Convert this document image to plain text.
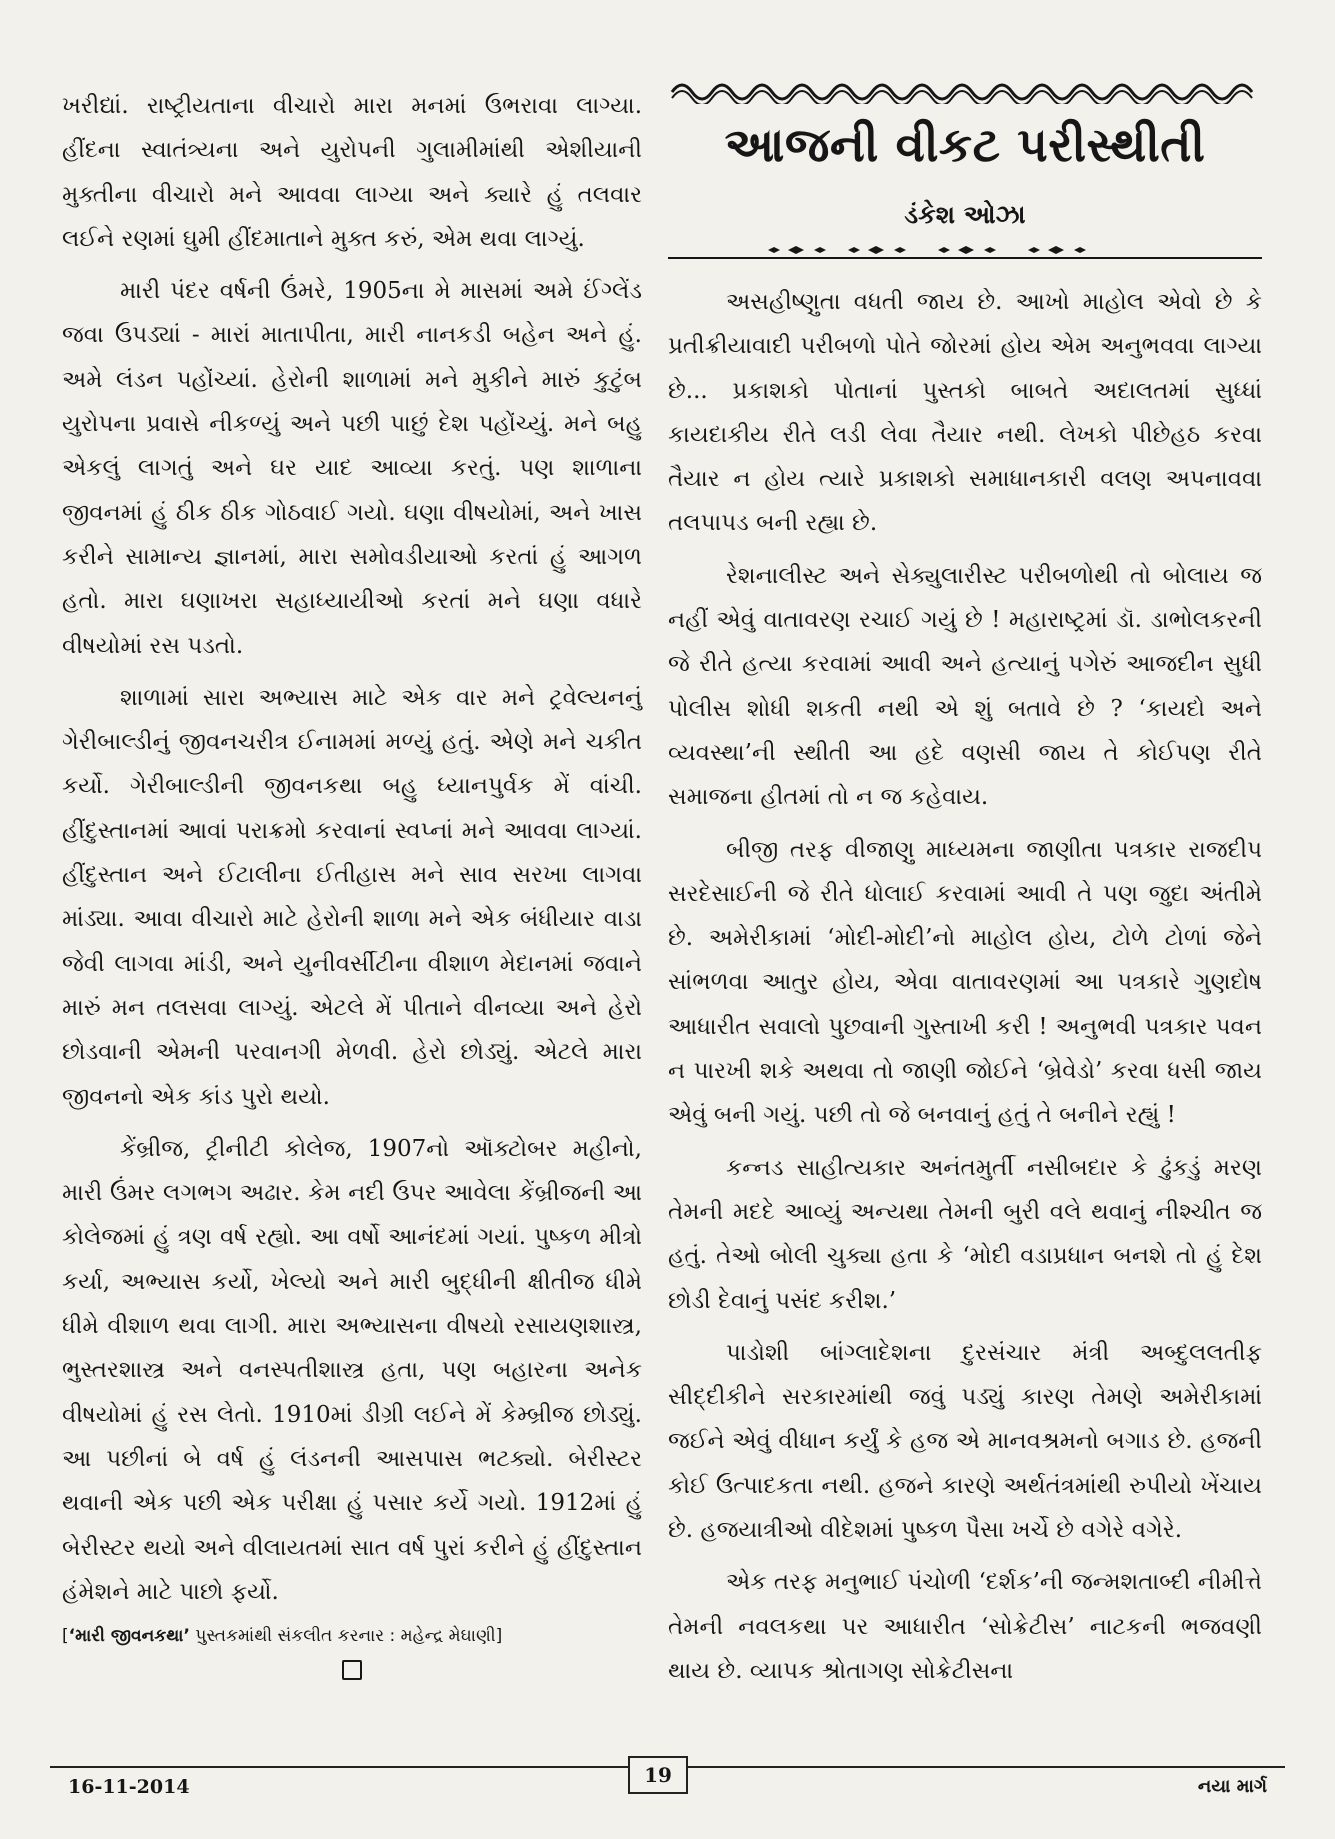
ખરીદ્યાં. રાષ્ટ્રીયતાના વીચારો મારા મનમાં ઉભરાવા લાગ્યા. હીંદના સ્વાતંત્ર્યના અને યુરોપની ગુલામીમાંથી એશીયાની મુક્તીના વીચારો મને આવવા લાગ્યા અને ક્યારે હું તલવાર લઈને રણમાં ઘુમી હીંદમાતાને મુક્ત કરું, એમ થવા લાગ્યું.

મારી પંદર વર્ષની ઉંમરે, 1905ના મે માસમાં અમે ઈંગ્લેંડ જવા ઉપડ્યાં - મારાં માતાપીતા, મારી નાનકડી બહેન અને હું. અમે લંડન પહોંચ્યાં. હેરોની શાળામાં મને મુકીને મારું કુટુંબ યુરોપના પ્રવાસે નીકળ્યું અને પછી પાછું દેશ પહોંચ્યું. મને બહુ એકલું લાગતું અને ઘર યાદ આવ્યા કરતું. પણ શાળાના જીવનમાં હું ઠીક ઠીક ગોઠવાઈ ગયો. ઘણા વીષયોમાં, અને ખાસ કરીને સામાન્ય જ્ઞાનમાં, મારા સમોવડીયાઓ કરતાં હું આગળ હતો. મારા ઘણાખરા સહાધ્યાયીઓ કરતાં મને ઘણા વધારે વીષયોમાં રસ પડતો.

શાળામાં સારા અભ્યાસ માટે એક વાર મને ટ્રવેલ્યનનું ગેરીબાલ્ડીનું જીવનચરીત્ર ઈનામમાં મળ્યું હતું. એણે મને ચકીત કર્યો. ગેરીબાલ્ડીની જીવનકથા બહુ ધ્યાનપુર્વક મેં વાંચી. હીંદુસ્તાનમાં આવાં પરાક્રમો કરવાનાં સ્વપ્નાં મને આવવા લાગ્યાં. હીંદુસ્તાન અને ઈટાલીના ઈતીહાસ મને સાવ સરખા લાગવા માંડ્યા. આવા વીચારો માટે હેરોની શાળા મને એક બંધીયાર વાડા જેવી લાગવા માંડી, અને યુનીવર્સીટીના વીશાળ મેદાનમાં જવાને મારું મન તલસવા લાગ્યું. એટલે મેં પીતાને વીનવ્યા અને હેરો છોડવાની એમની પરવાનગી મેળવી. હેરો છોડ્યું. એટલે મારા જીવનનો એક કાંડ પુરો થયો.

કેંબ્રીજ, ટ્રીનીટી કોલેજ, 1907નો ઑક્ટોબર મહીનો, મારી ઉંમર લગભગ અઢાર. કેમ નદી ઉપર આવેલા કેંબ્રીજની આ કોલેજમાં હું ત્રણ વર્ષ રહ્યો. આ વર્ષો આનંદમાં ગયાં. પુષ્કળ મીત્રો કર્યા, અભ્યાસ કર્યો, ખેલ્યો અને મારી બુદ્ધીની ક્ષીતીજ ધીમે ધીમે વીશાળ થવા લાગી. મારા અભ્યાસના વીષયો રસાયણશાસ્ત્ર, ભુસ્તરશાસ્ત્ર અને વનસ્પતીશાસ્ત્ર હતા, પણ બહારના અનેક વીષયોમાં હું રસ લેતો. 1910માં ડીગ્રી લઈને મેં કેમ્બ્રીજ છોડ્યું. આ પછીનાં બે વર્ષ હું લંડનની આસપાસ ભટક્યો. બેરીસ્ટર થવાની એક પછી એક પરીક્ષા હું પસાર કર્યે ગયો. 1912માં હું બેરીસ્ટર થયો અને વીલાયતમાં સાત વર્ષ પુરાં કરીને હું હીંદુસ્તાન હંમેશને માટે પાછો ફર્યો.

[‘મારી જીવનકથા’ પુસ્તકમાંથી સંકલીત કરનાર : મહેન્દ્ર મેઘાણી]
આજની વીકટ પરીસ્થીતી
ડંકેશ ઓઝા

અસહીષ્ણુતા વધતી જાય છે. આખો માહોલ એવો છે કે પ્રતીક્રીયાવાદી પરીબળો પોતે જોરમાં હોય એમ અનુભવવા લાગ્યા છે... પ્રકાશકો પોતાનાં પુસ્તકો બાબતે અદાલતમાં સુધ્ધાં કાયદાકીય રીતે લડી લેવા તૈયાર નથી. લેખકો પીછેહઠ કરવા તૈયાર ન હોય ત્યારે પ્રકાશકો સમાધાનકારી વલણ અપનાવવા તલપાપડ બની રહ્યા છે.

રેશનાલીસ્ટ અને સેક્યુલારીસ્ટ પરીબળોથી તો બોલાય જ નહીં એવું વાતાવરણ રચાઈ ગયું છે ! મહારાષ્ટ્રમાં ડૉ. ડાભોલકરની જે રીતે હત્યા કરવામાં આવી અને હત્યાનું પગેરું આજદીન સુધી પોલીસ શોધી શકતી નથી એ શું બતાવે છે ? ‘કાયદો અને વ્યવસ્થા’ની સ્થીતી આ હદે વણસી જાય તે કોઈપણ રીતે સમાજના હીતમાં તો ન જ કહેવાય.

બીજી તરફ વીજાણુ માધ્યમના જાણીતા પત્રકાર રાજદીપ સરદેસાઈની જે રીતે ધોલાઈ કરવામાં આવી તે પણ જુદા અંતીમે છે. અમેરીકામાં ‘મોદી-મોદી’નો માહોલ હોય, ટોળે ટોળાં જેને સાંભળવા આતુર હોય, એવા વાતાવરણમાં આ પત્રકારે ગુણદોષ આધારીત સવાલો પુછવાની ગુસ્તાખી કરી ! અનુભવી પત્રકાર પવન ન પારખી શકે અથવા તો જાણી જોઈને ‘બ્રેવેડો’ કરવા ધસી જાય એવું બની ગયું. પછી તો જે બનવાનું હતું તે બનીને રહ્યું !

કન્નડ સાહીત્યકાર અનંતમુર્તી નસીબદાર કે ઢુંકડું મરણ તેમની મદદે આવ્યું અન્યથા તેમની બુરી વલે થવાનું નીશ્ચીત જ હતું. તેઓ બોલી ચુક્યા હતા કે ‘મોદી વડાપ્રધાન બનશે તો હું દેશ છોડી દેવાનું પસંદ કરીશ.’

પાડોશી બાંગ્લાદેશના દુરસંચાર મંત્રી અબ્દુલલતીફ સીદ્દીકીને સરકારમાંથી જવું પડ્યું કારણ તેમણે અમેરીકામાં જઈને એવું વીધાન કર્યું કે હજ એ માનવશ્રમનો બગાડ છે. હજની કોઈ ઉત્પાદકતા નથી. હજને કારણે અર્થતંત્રમાંથી રુપીયો ખેંચાય છે. હજયાત્રીઓ વીદેશમાં પુષ્કળ પૈસા ખર્ચે છે વગેરે વગેરે.

એક તરફ મનુભાઈ પંચોળી ‘દર્શક’ની જન્મશતાબ્દી નીમીત્તે તેમની નવલકથા પર આધારીત ‘સોક્રેટીસ’ નાટકની ભજવણી થાય છે. વ્યાપક શ્રોતાગણ સોક્રેટીસના

16-11-2014	19	નયા માર્ગ
